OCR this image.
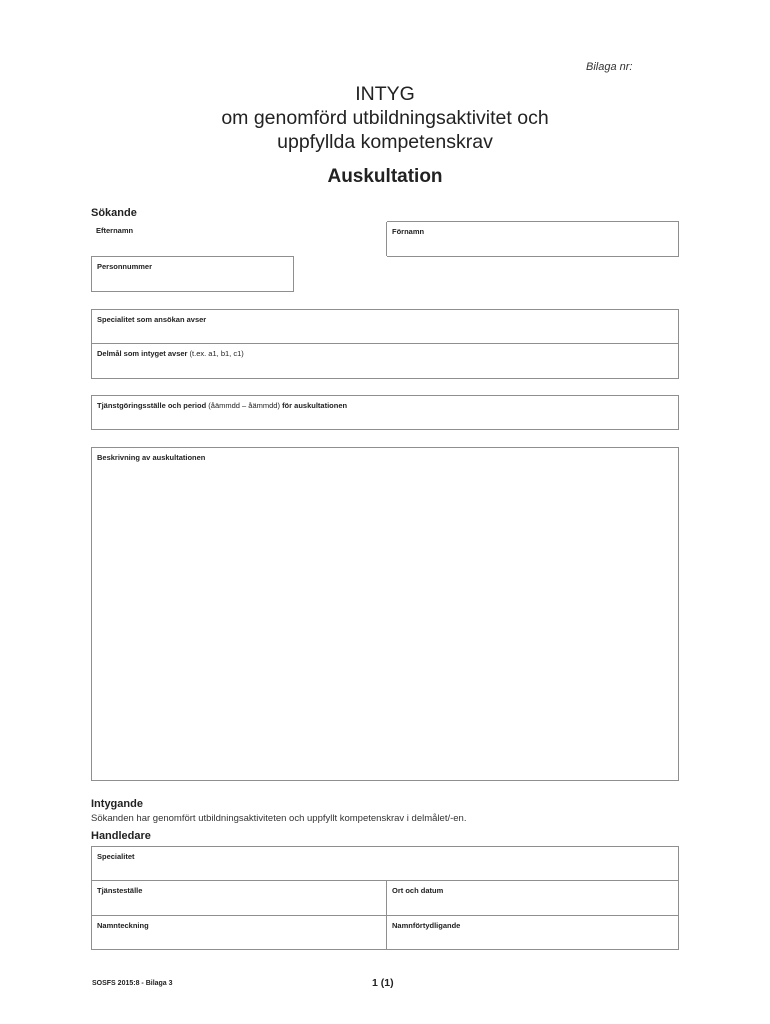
Bilaga nr:
INTYG
om genomförd utbildningsaktivitet och
uppfyllda kompetenskrav
Auskultation
Sökande
Efternamn	Förnamn
Personnummer
Specialitet som ansökan avser
Delmål som intyget avser (t.ex. a1, b1, c1)
Tjänstgöringsställe och period (åämmdd – åämmdd) för auskultationen
Beskrivning av auskultationen
Intygande
Sökanden har genomfört utbildningsaktiviteten och uppfyllt kompetenskrav i delmålet/-en.
Handledare
Specialitet
Tjänsteställe	Ort och datum
Namnteckning	Namnförtydligande
SOSFS 2015:8 - Bilaga 3	1 (1)
